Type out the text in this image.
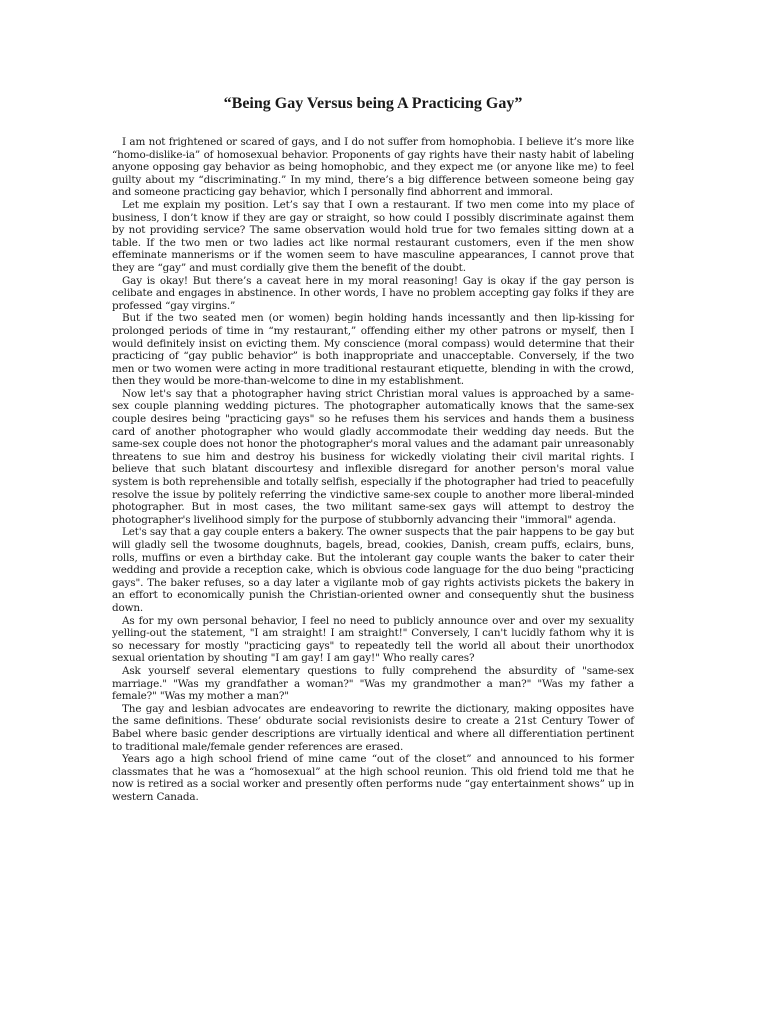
“Being Gay Versus being A Practicing Gay”

I am not frightened or scared of gays, and I do not suffer from homophobia. I believe it’s more like “homo-dislike-ia” of homosexual behavior. Proponents of gay rights have their nasty habit of labeling anyone opposing gay behavior as being homophobic, and they expect me (or anyone like me) to feel guilty about my “discriminating.” In my mind, there’s a big difference between someone being gay and someone practicing gay behavior, which I personally find abhorrent and immoral.

Let me explain my position. Let’s say that I own a restaurant. If two men come into my place of business, I don’t know if they are gay or straight, so how could I possibly discriminate against them by not providing service? The same observation would hold true for two females sitting down at a table. If the two men or two ladies act like normal restaurant customers, even if the men show effeminate mannerisms or if the women seem to have masculine appearances, I cannot prove that they are “gay” and must cordially give them the benefit of the doubt.

Gay is okay! But there’s a caveat here in my moral reasoning! Gay is okay if the gay person is celibate and engages in abstinence. In other words, I have no problem accepting gay folks if they are professed “gay virgins.”

But if the two seated men (or women) begin holding hands incessantly and then lip-kissing for prolonged periods of time in “my restaurant,” offending either my other patrons or myself, then I would definitely insist on evicting them. My conscience (moral compass) would determine that their practicing of “gay public behavior” is both inappropriate and unacceptable. Conversely, if the two men or two women were acting in more traditional restaurant etiquette, blending in with the crowd, then they would be more-than-welcome to dine in my establishment.

Now let's say that a photographer having strict Christian moral values is approached by a same-sex couple planning wedding pictures. The photographer automatically knows that the same-sex couple desires being "practicing gays" so he refuses them his services and hands them a business card of another photographer who would gladly accommodate their wedding day needs. But the same-sex couple does not honor the photographer's moral values and the adamant pair unreasonably threatens to sue him and destroy his business for wickedly violating their civil marital rights. I believe that such blatant discourtesy and inflexible disregard for another person's moral value system is both reprehensible and totally selfish, especially if the photographer had tried to peacefully resolve the issue by politely referring the vindictive same-sex couple to another more liberal-minded photographer. But in most cases, the two militant same-sex gays will attempt to destroy the photographer's livelihood simply for the purpose of stubbornly advancing their "immoral" agenda.

Let's say that a gay couple enters a bakery. The owner suspects that the pair happens to be gay but will gladly sell the twosome doughnuts, bagels, bread, cookies, Danish, cream puffs, eclairs, buns, rolls, muffins or even a birthday cake. But the intolerant gay couple wants the baker to cater their wedding and provide a reception cake, which is obvious code language for the duo being "practicing gays". The baker refuses, so a day later a vigilante mob of gay rights activists pickets the bakery in an effort to economically punish the Christian-oriented owner and consequently shut the business down.

As for my own personal behavior, I feel no need to publicly announce over and over my sexuality yelling-out the statement, "I am straight! I am straight!" Conversely, I can't lucidly fathom why it is so necessary for mostly "practicing gays" to repeatedly tell the world all about their unorthodox sexual orientation by shouting "I am gay! I am gay!" Who really cares?

Ask yourself several elementary questions to fully comprehend the absurdity of "same-sex marriage." "Was my grandfather a woman?" "Was my grandmother a man?" "Was my father a female?" "Was my mother a man?"

The gay and lesbian advocates are endeavoring to rewrite the dictionary, making opposites have the same definitions. These’ obdurate social revisionists desire to create a 21st Century Tower of Babel where basic gender descriptions are virtually identical and where all differentiation pertinent to traditional male/female gender references are erased.

Years ago a high school friend of mine came “out of the closet” and announced to his former classmates that he was a “homosexual” at the high school reunion. This old friend told me that he now is retired as a social worker and presently often performs nude “gay entertainment shows” up in western Canada.
